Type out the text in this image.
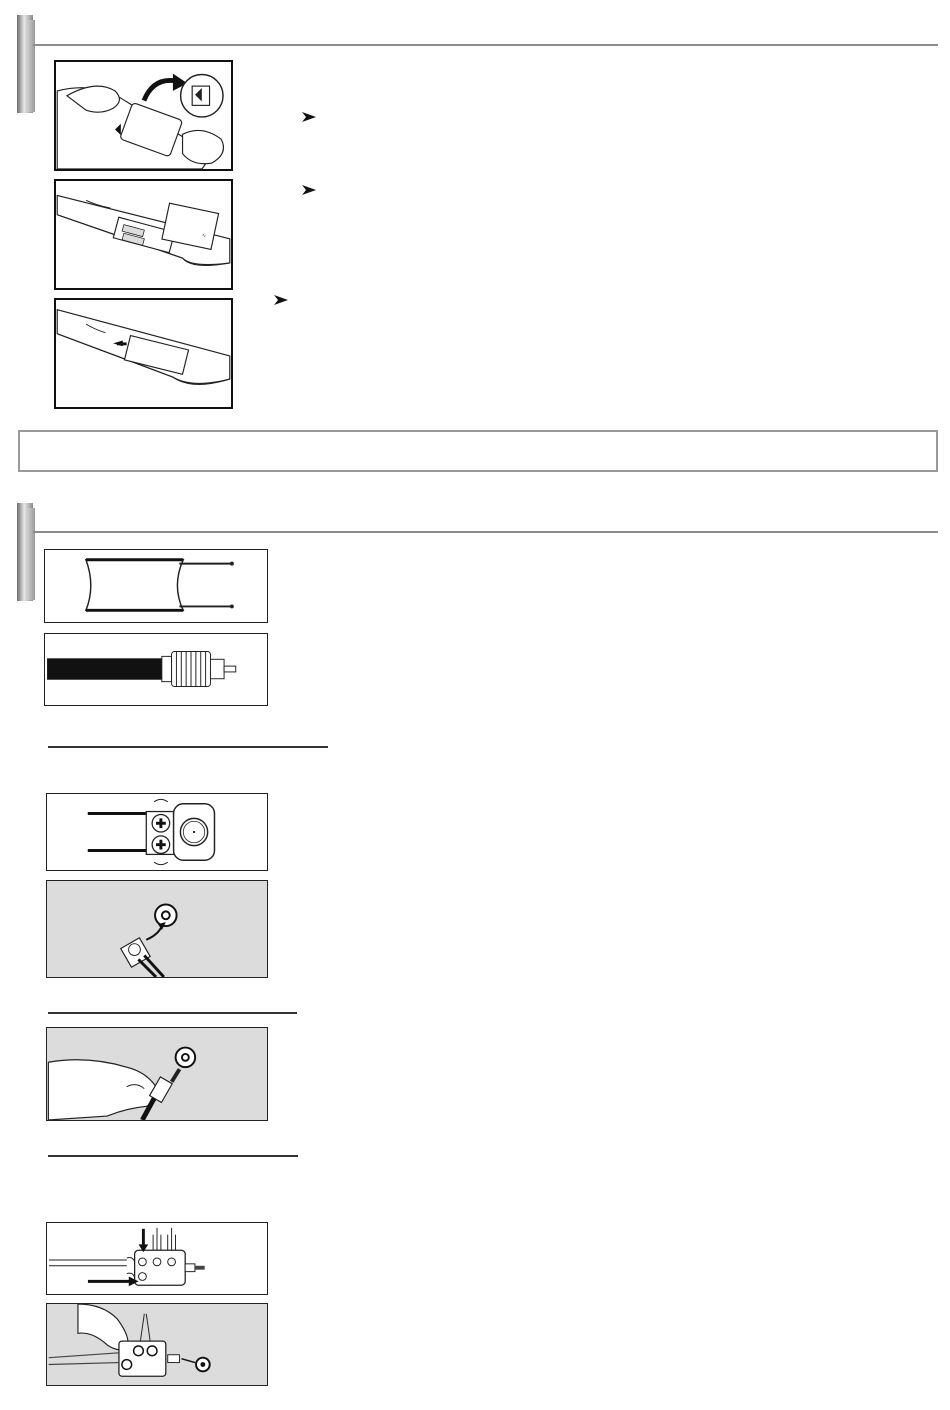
∿
